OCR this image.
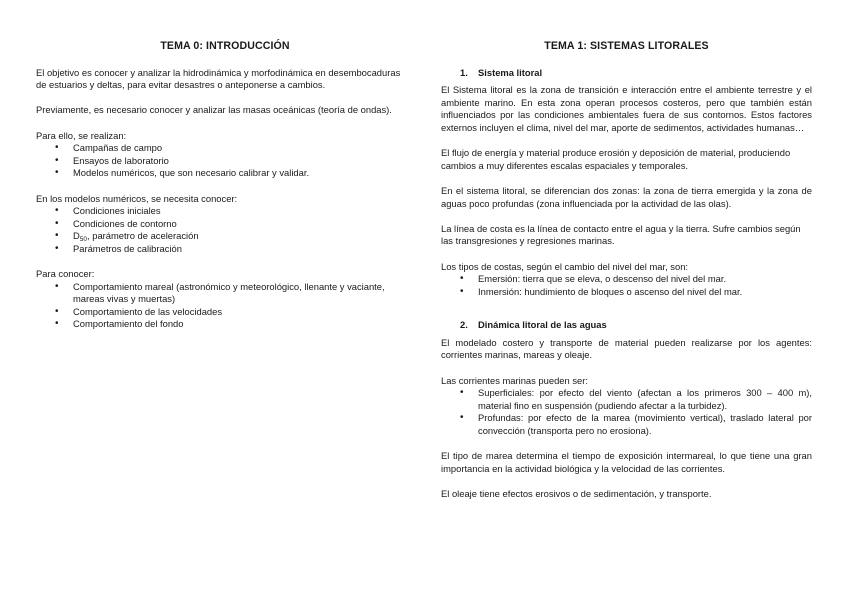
TEMA 0: INTRODUCCIÓN

El objetivo es conocer y analizar la hidrodinámica y morfodinámica en desembocaduras de estuarios y deltas, para evitar desastres o anteponerse a cambios.

Previamente, es necesario conocer y analizar las masas oceánicas (teoría de ondas).

Para ello, se realizan:

• Campañas de campo
• Ensayos de laboratorio
• Modelos numéricos, que son necesario calibrar y validar.

En los modelos numéricos, se necesita conocer:

• Condiciones iniciales
• Condiciones de contorno
• $D_{50}$, parámetro de aceleración
• Parámetros de calibración

Para conocer:

• Comportamiento mareal (astronómico y meteorológico, llenante y vaciante, mareas vivas y muertas)
• Comportamiento de las velocidades
• Comportamiento del fondo
TEMA 1: SISTEMAS LITORALES
1. Sistema litoral

El Sistema litoral es la zona de transición e interacción entre el ambiente terrestre y el ambiente marino. En esta zona operan procesos costeros, pero que también están influenciados por las condiciones ambientales fuera de sus contornos. Estos factores externos incluyen el clima, nivel del mar, aporte de sedimentos, actividades humanas…

El flujo de energía y material produce erosión y deposición de material, produciendo cambios a muy diferentes escalas espaciales y temporales.

En el sistema litoral, se diferencian dos zonas: la zona de tierra emergida y la zona de aguas poco profundas (zona influenciada por la actividad de las olas).

La línea de costa es la línea de contacto entre el agua y la tierra. Sufre cambios según las transgresiones y regresiones marinas.

Los tipos de costas, según el cambio del nivel del mar, son:

• Emersión: tierra que se eleva, o descenso del nivel del mar.
• Inmersión: hundimiento de bloques o ascenso del nivel del mar.
2. Dinámica litoral de las aguas

El modelado costero y transporte de material pueden realizarse por los agentes: corrientes marinas, mareas y oleaje.

Las corrientes marinas pueden ser:

• Superficiales: por efecto del viento (afectan a los primeros 300 – 400 m), material fino en suspensión (pudiendo afectar a la turbidez).
• Profundas: por efecto de la marea (movimiento vertical), traslado lateral por convección (transporta pero no erosiona).

El tipo de marea determina el tiempo de exposición intermareal, lo que tiene una gran importancia en la actividad biológica y la velocidad de las corrientes.

El oleaje tiene efectos erosivos o de sedimentación, y transporte.
